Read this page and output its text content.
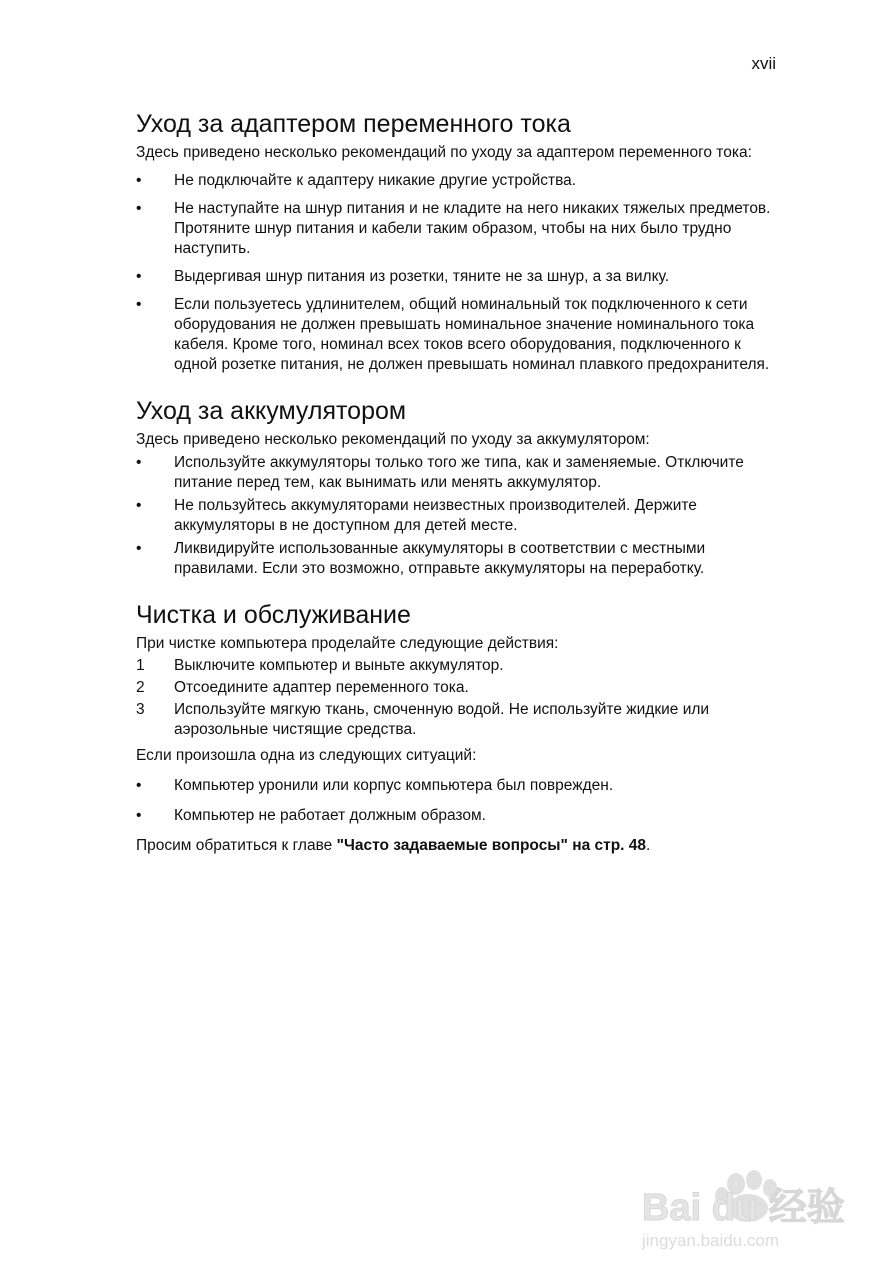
xvii
Уход за адаптером переменного тока

Здесь приведено несколько рекомендаций по уходу за адаптером переменного тока:

•	Не подключайте к адаптеру никакие другие устройства.
•	Не наступайте на шнур питания и не кладите на него никаких тяжелых предметов. Протяните шнур питания и кабели таким образом, чтобы на них было трудно наступить.
•	Выдергивая шнур питания из розетки, тяните не за шнур, а за вилку.
•	Если пользуетесь удлинителем, общий номинальный ток подключенного к сети оборудования не должен превышать номинальное значение номинального тока кабеля. Кроме того, номинал всех токов всего оборудования, подключенного к одной розетке питания, не должен превышать номинал плавкого предохранителя.
Уход за аккумулятором

Здесь приведено несколько рекомендаций по уходу за аккумулятором:

•	Используйте аккумуляторы только того же типа, как и заменяемые. Отключите питание перед тем, как вынимать или менять аккумулятор.
•	Не пользуйтесь аккумуляторами неизвестных производителей. Держите аккумуляторы в не доступном для детей месте.
•	Ликвидируйте использованные аккумуляторы в соответствии с местными правилами. Если это возможно, отправьте аккумуляторы на переработку.
Чистка и обслуживание

При чистке компьютера проделайте следующие действия:

1	Выключите компьютер и выньте аккумулятор.
2	Отсоедините адаптер переменного тока.
3	Используйте мягкую ткань, смоченную водой. Не используйте жидкие или аэрозольные чистящие средства.

Если произошла одна из следующих ситуаций:

•	Компьютер уронили или корпус компьютера был поврежден.
•	Компьютер не работает должным образом.

Просим обратиться к главе "Часто задаваемые вопросы" на стр. 48.

Bai du 经验
jingyan.baidu.com
